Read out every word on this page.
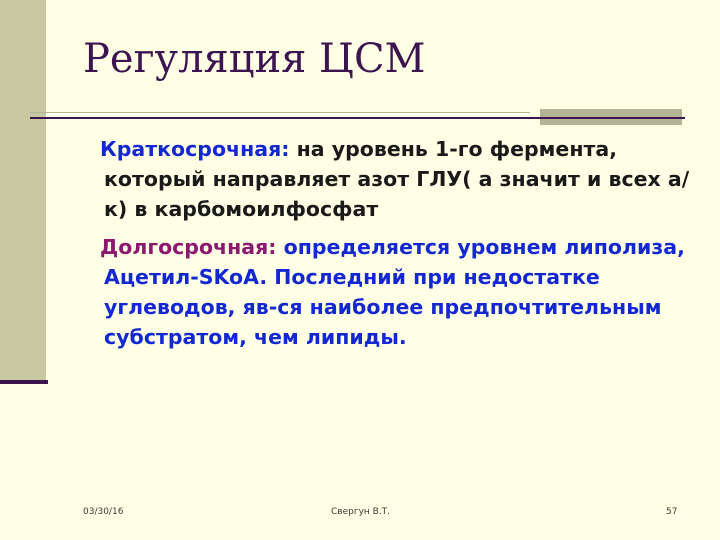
Регуляция ЦСМ

Краткосрочная: на уровень 1-го фермента, который направляет азот ГЛУ( а значит и всех а/к) в карбомоилфосфат

Долгосрочная: определяется уровнем липолиза, Ацетил-SKoA. Последний при недостатке углеводов, яв-ся наиболее предпочтительным субстратом, чем липиды.

03/30/16	Свергун В.Т.	57
